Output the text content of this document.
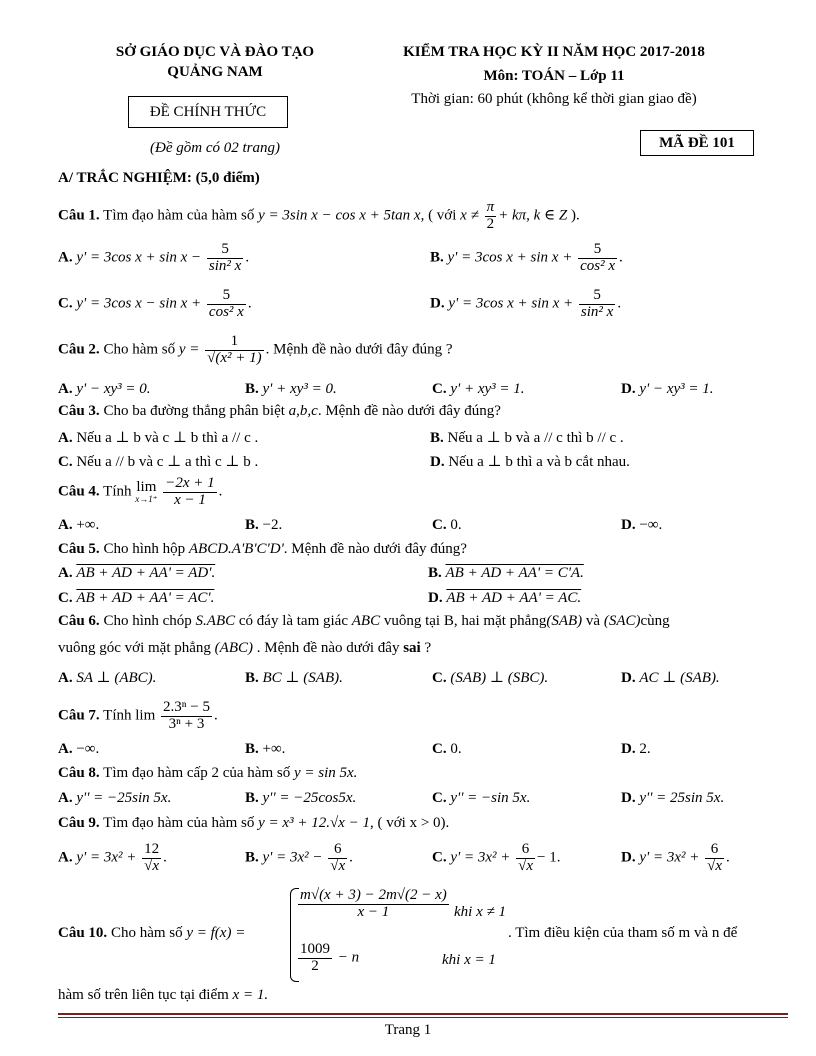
SỞ GIÁO DỤC VÀ ĐÀO TẠO
QUẢNG NAM
ĐỀ CHÍNH THỨC
(Đề gồm có 02 trang)
KIỂM TRA HỌC KỲ II NĂM HỌC 2017-2018
Môn: TOÁN – Lớp 11
Thời gian: 60 phút (không kể thời gian giao đề)
MÃ ĐỀ 101
A/ TRẮC NGHIỆM: (5,0 điểm)
Câu 1. Tìm đạo hàm của hàm số y = 3sin x − cos x + 5tan x, ( với $x \ne \frac{\pi}{2} + k\pi$, k ∈ Z ).
A. y' = 3cos $x + \sin x - \frac{5}{\text{sin² x}}$ .	B. y' = 3cos $x + \sin x + \frac{5}{\text{cos² x}}$ .
C. y' = 3cos $x - \sin x + \frac{5}{\text{cos² x}}$ .	D. y' = 3cos $x + \sin x + \frac{5}{\text{sin² x}}$ .
Câu 2. Cho hàm số $y = \frac{1}{\text{√(x² + 1)}}$ . Mệnh đề nào dưới đây đúng ?
A. y' − xy³ = 0.	B. y' + xy³ = 0.	C. y' + xy³ = 1.	D. y' − xy³ = 1.
Câu 3. Cho ba đường thẳng phân biệt a,b,c. Mệnh đề nào dưới đây đúng?
A. Nếu a ⊥ b và c ⊥ b thì a // c .	B. Nếu a ⊥ b và a // c thì b // c .
C. Nếu a // b và c ⊥ a thì c ⊥ b .	D. Nếu a ⊥ b thì a và b cắt nhau.
Câu 4. Tính lim
x→1⁺
$\frac{-2x + 1}{x - 1}$ .
A. +∞.	B. −2.	C. 0.	D. −∞.
Câu 5. Cho hình hộp ABCD.A'B'C'D'. Mệnh đề nào dưới đây đúng?
A. AB + AD + AA' = AD'.	B. AB + AD + AA' = C'A.
C. AB + AD + AA' = AC'.	D. AB + AD + AA' = AC.
Câu 6. Cho hình chóp S.ABC có đáy là tam giác ABC vuông tại B, hai mặt phẳng(SAB) và (SAC)cùng
vuông góc với mặt phẳng (ABC) . Mệnh đề nào dưới đây sai ?
A. SA ⊥ (ABC).	B. BC ⊥ (SAB).	C. (SAB) ⊥ (SBC).	D. AC ⊥ (SAB).
Câu 7. Tính $\lim \frac{\text{2.3ⁿ − 5}}{\text{3ⁿ + 3}}$ .
A. −∞.	B. +∞.	C. 0.	D. 2.
Câu 8. Tìm đạo hàm cấp 2 của hàm số y = sin 5x.
A. y'' = −25sin 5x.	B. y'' = −25cos5x.	C. y'' = −sin 5x.	D. y'' = 25sin 5x.
Câu 9. Tìm đạo hàm của hàm số y = x³ + 12.√x − 1, ( với x > 0).
A. $y' = 3x^2 + \frac{12}{√x}$ .	B. $y' = 3x^2 - \frac{6}{√x}$ .	C. $y' = 3x^2 + \frac{6}{√x} - 1$.	D. $y' = 3x^2 + \frac{6}{√x}$ .
Câu 10. Cho hàm số y = f(x) =
$\frac{m√(x + 3) - 2m√(2 - x)}{x - 1}$ khi x ≠ 1
$\frac{1009}{2} - n$	khi x = 1
. Tìm điều kiện của tham số m và n để
hàm số trên liên tục tại điểm x = 1.
Trang 1
